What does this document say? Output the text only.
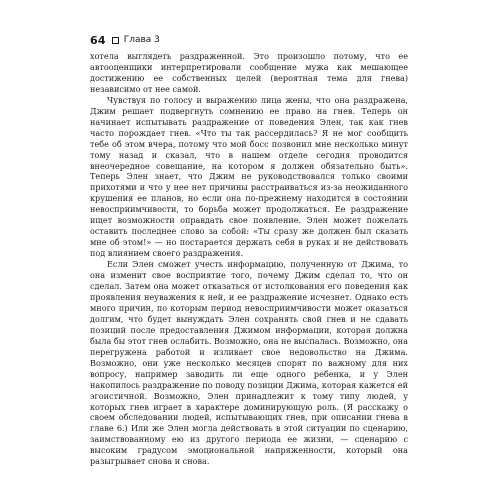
64 Глава 3

хотела выглядеть раздраженной. Это произошло потому, что ее автооценщики интерпретировали сообщение мужа как мешающее достижению ее собственных целей (вероятная тема для гнева) независимо от нее самой.

Чувствуя по голосу и выражению лица жены, что она раздражена, Джим решает подвергнуть сомнению ее право на гнев. Теперь он начинает испытывать раздражение от поведения Элен, так как гнев часто порождает гнев. «Что ты так рассердилась? Я не мог сообщить тебе об этом вчера, потому что мой босс позвонил мне несколько минут тому назад и сказал, что в нашем отделе сегодня проводится внеочередное совещание, на котором я должен обязательно быть». Теперь Элен знает, что Джим не руководствовался только своими прихотями и что у нее нет причины расстраиваться из-за неожиданного крушения ее планов, но если она по-прежнему находится в состоянии невосприимчивости, то борьба может продолжаться. Ее раздражение ищет возможности оправдать свое появление. Элен может пожелать оставить последнее слово за собой: «Ты сразу же должен был сказать мне об этом!» — но постарается держать себя в руках и не действовать под влиянием своего раздражения.

Если Элен сможет учесть информацию, полученную от Джима, то она изменит свое восприятие того, почему Джим сделал то, что он сделал. Затем она может отказаться от истолкования его поведения как проявления неуважения к ней, и ее раздражение исчезнет. Однако есть много причин, по которым период невосприимчивости может оказаться долгим, что будет вынуждать Элен сохранять свой гнев и не сдавать позиций после предоставления Джимом информации, которая должна была бы этот гнев ослабить. Возможно, она не выспалась. Возможно, она перегружена работой и изливает свое недовольство на Джима. Возможно, они уже несколько месяцев спорят по важному для них вопросу, например заводить ли еще одного ребенка, и у Элен накопилось раздражение по поводу позиции Джима, которая кажется ей эгоистичной. Возможно, Элен принадлежит к тому типу людей, у которых гнев играет в характере доминирующую роль. (Я расскажу о своем обследовании людей, испытывающих гнев, при описании гнева в главе 6.) Или же Элен могла действовать в этой ситуации по сценарию, заимствованному ею из другого периода ее жизни, — сценарию с высоким градусом эмоциональной напряженности, который она разыгрывает снова и снова.
